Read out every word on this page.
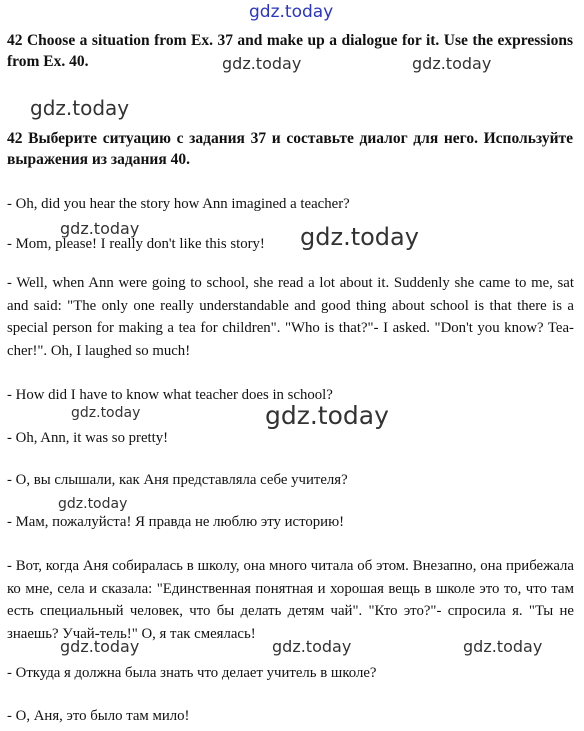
gdz.today
gdz.today	gdz.today
gdz.today
gdz.today	gdz.today
gdz.today	gdz.today
gdz.today
gdz.today	gdz.today	gdz.today
42 Choose a situation from Ex. 37 and make up a dialogue for it. Use the expressions from Ex. 40.
42 Выберите ситуацию с задания 37 и составьте диалог для него. Используйте выражения из задания 40.
- Oh, did you hear the story how Ann imagined a teacher?
- Mom, please! I really don't like this story!
- Well, when Ann were going to school, she read a lot about it. Suddenly she came to me, sat and said: "The only one really understandable and good thing about school is that there is a special person for making a tea for children". "Who is that?"- I asked. "Don't you know? Tea-cher!". Oh, I laughed so much!
- How did I have to know what teacher does in school?
- Oh, Ann, it was so pretty!
- О, вы слышали, как Аня представляла себе учителя?
- Мам, пожалуйста! Я правда не люблю эту историю!
- Вот, когда Аня собиралась в школу, она много читала об этом. Внезапно, она прибежала ко мне, села и сказала: "Единственная понятная и хорошая вещь в школе это то, что там есть специальный человек, что бы делать детям чай". "Кто это?"- спросила я. "Ты не знаешь? Учай-тель!" О, я так смеялась!
- Откуда я должна была знать что делает учитель в школе?
- О, Аня, это было там мило!
